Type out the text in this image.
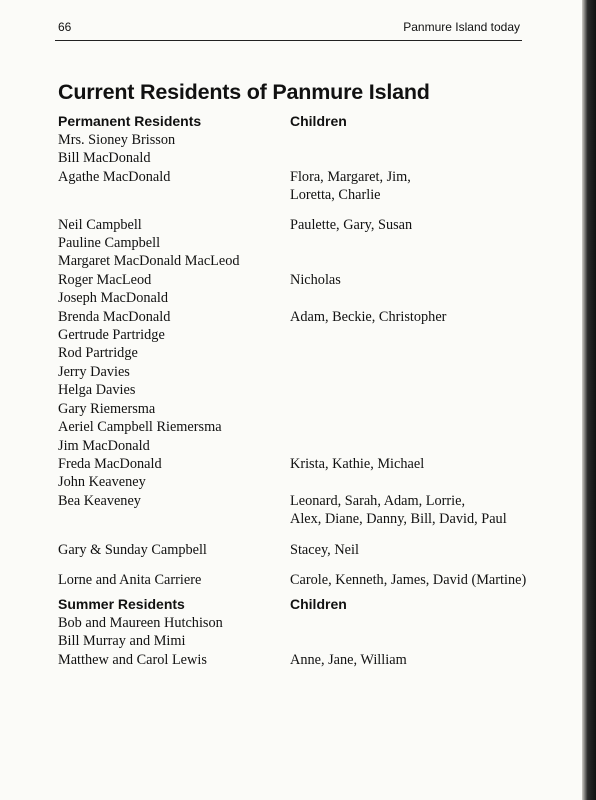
66	Panmure Island today
Current Residents of Panmure Island
Permanent Residents	Children
Mrs. Sioney Brisson
Bill MacDonald
Agathe MacDonald	Flora, Margaret, Jim,
Loretta, Charlie
Neil Campbell	Paulette, Gary, Susan
Pauline Campbell
Margaret MacDonald MacLeod
Roger MacLeod	Nicholas
Joseph MacDonald
Brenda MacDonald	Adam, Beckie, Christopher
Gertrude Partridge
Rod Partridge
Jerry Davies
Helga Davies
Gary Riemersma
Aeriel Campbell Riemersma
Jim MacDonald
Freda MacDonald	Krista, Kathie, Michael
John Keaveney
Bea Keaveney	Leonard, Sarah, Adam, Lorrie,
Alex, Diane, Danny, Bill, David, Paul
Gary & Sunday Campbell	Stacey, Neil
Lorne and Anita Carriere	Carole, Kenneth, James, David (Martine)
Summer Residents	Children
Bob and Maureen Hutchison
Bill Murray and Mimi
Matthew and Carol Lewis	Anne, Jane, William
